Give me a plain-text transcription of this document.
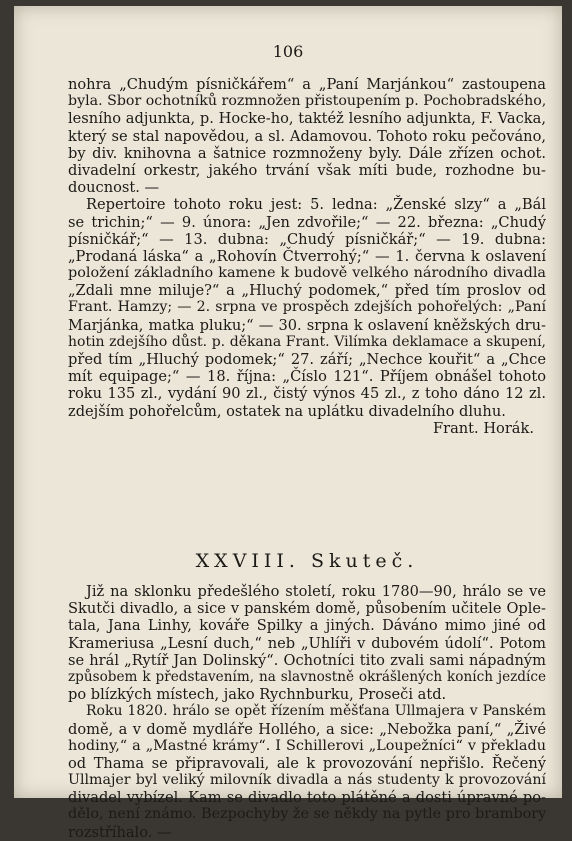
106
nohra „Chudým písničkářem“ a „Paní Marjánkou“ zastoupena
byla. Sbor ochotníků rozmnožen přistoupením p. Pochobradského,
lesního adjunkta, p. Hocke-ho, taktéž lesního adjunkta, F. Vacka,
který se stal napovědou, a sl. Adamovou. Tohoto roku pečováno,
by div. knihovna a šatnice rozmnoženy byly. Dále zřízen ochot.
divadelní orkestr, jakého trvání však míti bude, rozhodne bu-
doucnost. —
Repertoire tohoto roku jest: 5. ledna: „Ženské slzy“ a „Bál
se trichin;“ — 9. února: „Jen zdvořile;“ — 22. března: „Chudý
písničkář;“ — 13. dubna: „Chudý písničkář;“ — 19. dubna:
„Prodaná láska“ a „Rohovín Čtverrohý;“ — 1. června k oslavení
položení základního kamene k budově velkého národního divadla
„Zdali mne miluje?“ a „Hluchý podomek,“ před tím proslov od
Frant. Hamzy; — 2. srpna ve prospěch zdejších pohořelých: „Paní
Marjánka, matka pluku;“ — 30. srpna k oslavení kněžských dru-
hotin zdejšího důst. p. děkana Frant. Vilímka deklamace a skupení,
před tím „Hluchý podomek;“ 27. září; „Nechce kouřit“ a „Chce
mít equipage;“ — 18. října: „Číslo 121“. Příjem obnášel tohoto
roku 135 zl., vydání 90 zl., čistý výnos 45 zl., z toho dáno 12 zl.
zdejším pohořelcům, ostatek na uplátku divadelního dluhu.
Frant. Horák.
XXVIII. Skuteč.
Již na sklonku předešlého století, roku 1780—90, hrálo se ve
Skutči divadlo, a sice v panském domě, působením učitele Ople-
tala, Jana Linhy, kováře Spilky a jiných. Dáváno mimo jiné od
Krameriusa „Lesní duch,“ neb „Uhlíři v dubovém údolí“. Potom
se hrál „Rytíř Jan Dolinský“. Ochotníci tito zvali sami nápadným
způsobem k představením, na slavnostně okrášlených koních jezdíce
po blízkých místech, jako Rychnburku, Proseči atd.
Roku 1820. hrálo se opět řízením měšťana Ullmajera v Panském
domě, a v domě mydláře Hollého, a sice: „Nebožka paní,“ „Živé
hodiny,“ a „Mastné krámy“. I Schillerovi „Loupežníci“ v překladu
od Thama se připravovali, ale k provozování nepřišlo. Řečený
Ullmajer byl veliký milovník divadla a nás studenty k provozování
divadel vybízel. Kam se divadlo toto plátěné a dosti úpravné po-
dělo, není známo. Bezpochyby že se někdy na pytle pro brambory
rozstříhalo. —
